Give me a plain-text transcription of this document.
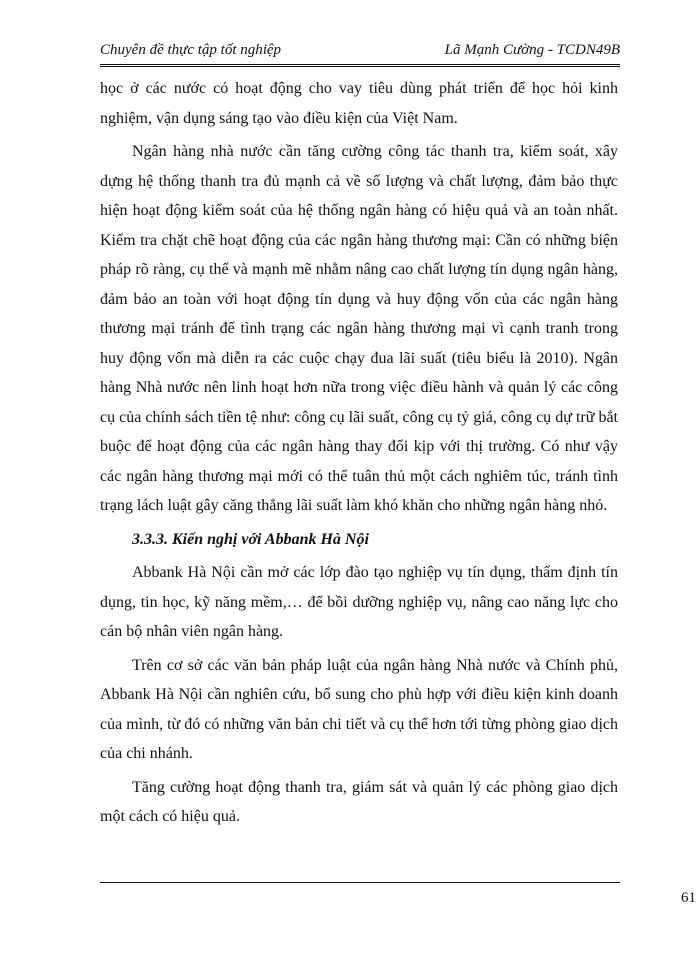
Chuyên đề thực tập tốt nghiệp	Lã Mạnh Cường - TCDN49B

học ở các nước có hoạt động cho vay tiêu dùng phát triển để học hỏi kinh nghiệm, vận dụng sáng tạo vào điều kiện của Việt Nam.

Ngân hàng nhà nước cần tăng cường công tác thanh tra, kiểm soát, xây dựng hệ thống thanh tra đủ mạnh cả về số lượng và chất lượng, đảm bảo thực hiện hoạt động kiểm soát của hệ thống ngân hàng có hiệu quả và an toàn nhất. Kiểm tra chặt chẽ hoạt động của các ngân hàng thương mại: Cần có những biện pháp rõ ràng, cụ thể và mạnh mẽ nhằm nâng cao chất lượng tín dụng ngân hàng, đảm bảo an toàn với hoạt động tín dụng và huy động vốn của các ngân hàng thương mại tránh để tình trạng các ngân hàng thương mại vì cạnh tranh trong huy động vốn mà diễn ra các cuộc chạy đua lãi suất (tiêu biểu là 2010). Ngân hàng Nhà nước nên linh hoạt hơn nữa trong việc điều hành và quản lý các công cụ của chính sách tiền tệ như: công cụ lãi suất, công cụ tỷ giá, công cụ dự trữ bắt buộc để hoạt động của các ngân hàng thay đổi kịp với thị trường. Có như vậy các ngân hàng thương mại mới có thể tuân thủ một cách nghiêm túc, tránh tình trạng lách luật gây căng thẳng lãi suất làm khó khăn cho những ngân hàng nhỏ.

3.3.3. Kiến nghị với Abbank Hà Nội

Abbank Hà Nội cần mở các lớp đào tạo nghiệp vụ tín dụng, thẩm định tín dụng, tin học, kỹ năng mềm,… để bồi dưỡng nghiệp vụ, nâng cao năng lực cho cán bộ nhân viên ngân hàng.

Trên cơ sở các văn bản pháp luật của ngân hàng Nhà nước và Chính phủ, Abbank Hà Nội cần nghiên cứu, bổ sung cho phù hợp với điều kiện kinh doanh của mình, từ đó có những văn bản chi tiết và cụ thể hơn tới từng phòng giao dịch của chi nhánh.

Tăng cường hoạt động thanh tra, giám sát và quản lý các phòng giao dịch một cách có hiệu quả.

61
